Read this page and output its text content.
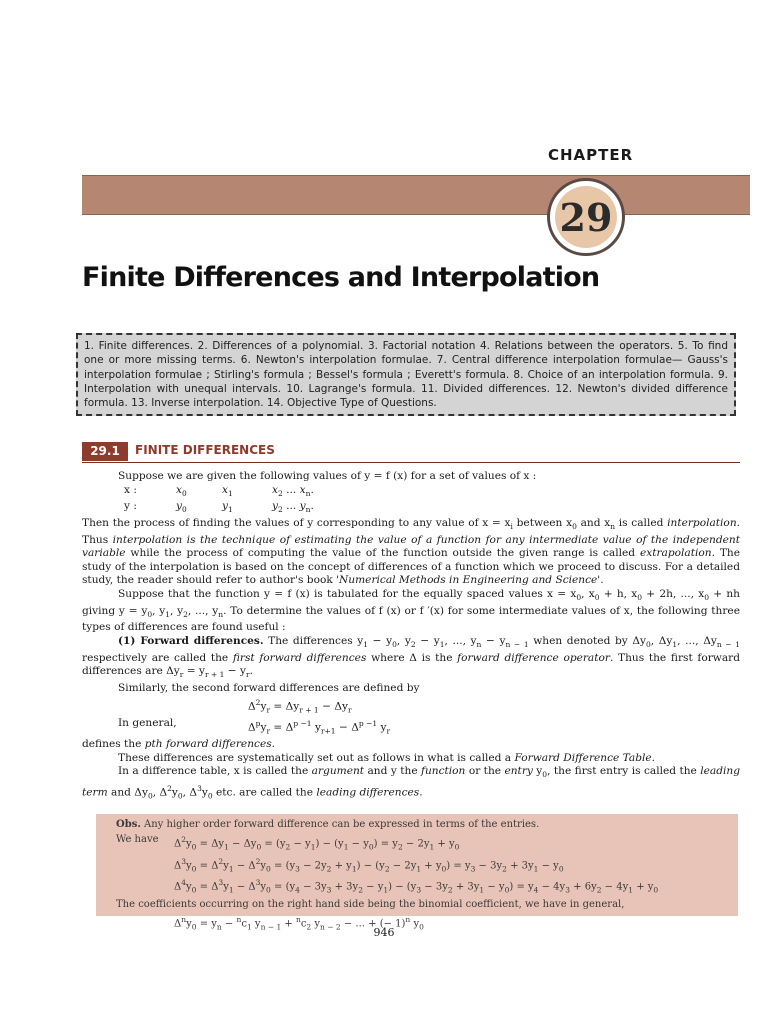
CHAPTER
29
Finite Differences and Interpolation
1. Finite differences. 2. Differences of a polynomial. 3. Factorial notation 4. Relations between the operators. 5. To find one or more missing terms. 6. Newton's interpolation formulae. 7. Central difference interpolation formulae— Gauss's interpolation formulae ; Stirling's formula ; Bessel's formula ; Everett's formula. 8. Choice of an interpolation formula. 9. Interpolation with unequal intervals. 10. Lagrange's formula. 11. Divided differences. 12. Newton's divided difference formula. 13. Inverse interpolation. 14. Objective Type of Questions.
29.1	FINITE DIFFERENCES

Suppose we are given the following values of y = f (x) for a set of values of x :

x :	$x_0$	$x_1$	$x_2$ ... $x_n$.
y :	$y_0$	$y_1$	$y_2$ ... $y_n$.

Then the process of finding the values of y corresponding to any value of $x = x_i$ between $x_0$ and $x_n$ is called interpolation. Thus interpolation is the technique of estimating the value of a function for any intermediate value of the independent variable while the process of computing the value of the function outside the given range is called extrapolation. The study of the interpolation is based on the concept of differences of a function which we proceed to discuss. For a detailed study, the reader should refer to author's book 'Numerical Methods in Engineering and Science'.

Suppose that the function y = f (x) is tabulated for the equally spaced values $x = x_0$, $x_0 + h$, $x_0 + 2h$, ..., $x_0$ + nh giving $y = y_0$, $y_1$, $y_2$, ..., $y_n$. To determine the values of f (x) or f ′(x) for some intermediate values of x, the following three types of differences are found useful :

(1) Forward differences. The differences $y_1 - y_0$, $y_2 - y_1$, ..., $y_n - y_{n - 1}$ when denoted by $\Delta y_0$, $\Delta y_1$, ..., $\Delta y_{n - 1}$ respectively are called the first forward differences where Δ is the forward difference operator. Thus the first forward differences are $\Delta y_r = y_{r + 1} - y_r$.

Similarly, the second forward differences are defined by

$\Delta^2y_r = \Delta y_{r + 1} - \Delta y_r$
In general,	$\Delta^py_r = \Delta^{p -1}$ $y_{r+1} - \Delta^{p -1}$ $y_r$

defines the pth forward differences.

These differences are systematically set out as follows in what is called a Forward Difference Table.

In a difference table, x is called the argument and y the function or the entry $y_0$, the first entry is called the leading term and $\Delta y_0$, $\Delta^2y_0$, $\Delta^3y_0$ etc. are called the leading differences.

Obs. Any higher order forward difference can be expressed in terms of the entries.
We have	$\Delta^2y_0 = \Delta y_1 - \Delta y_0 = (y_2 - y_1) - (y_1 - y_0) = y_2 - 2y_1 + y_0$
$\Delta^3y_0 = \Delta^2y_1 - \Delta^2y_0 = (y_3 - 2y_2 + y_1) - (y_2 - 2y_1 + y_0) = y_3 - 3y_2 + 3y_1 - y_0$
$\Delta^4y_0 = \Delta^3y_1 - \Delta^3y_0 = (y_4 - 3y_3 + 3y_2 - y_1) - (y_3 - 3y_2 + 3y_1 - y_0) = y_4 - 4y_3 + 6y_2 - 4y_1 + y_0$
The coefficients occurring on the right hand side being the binomial coefficient, we have in general,
$\Delta^ny_0 = y_n - ^nc_1$ $y_{n - 1} + ^nc_2$ $y_{n - 2}$ − ... + (− 1)$^n$ $y_0$
946
